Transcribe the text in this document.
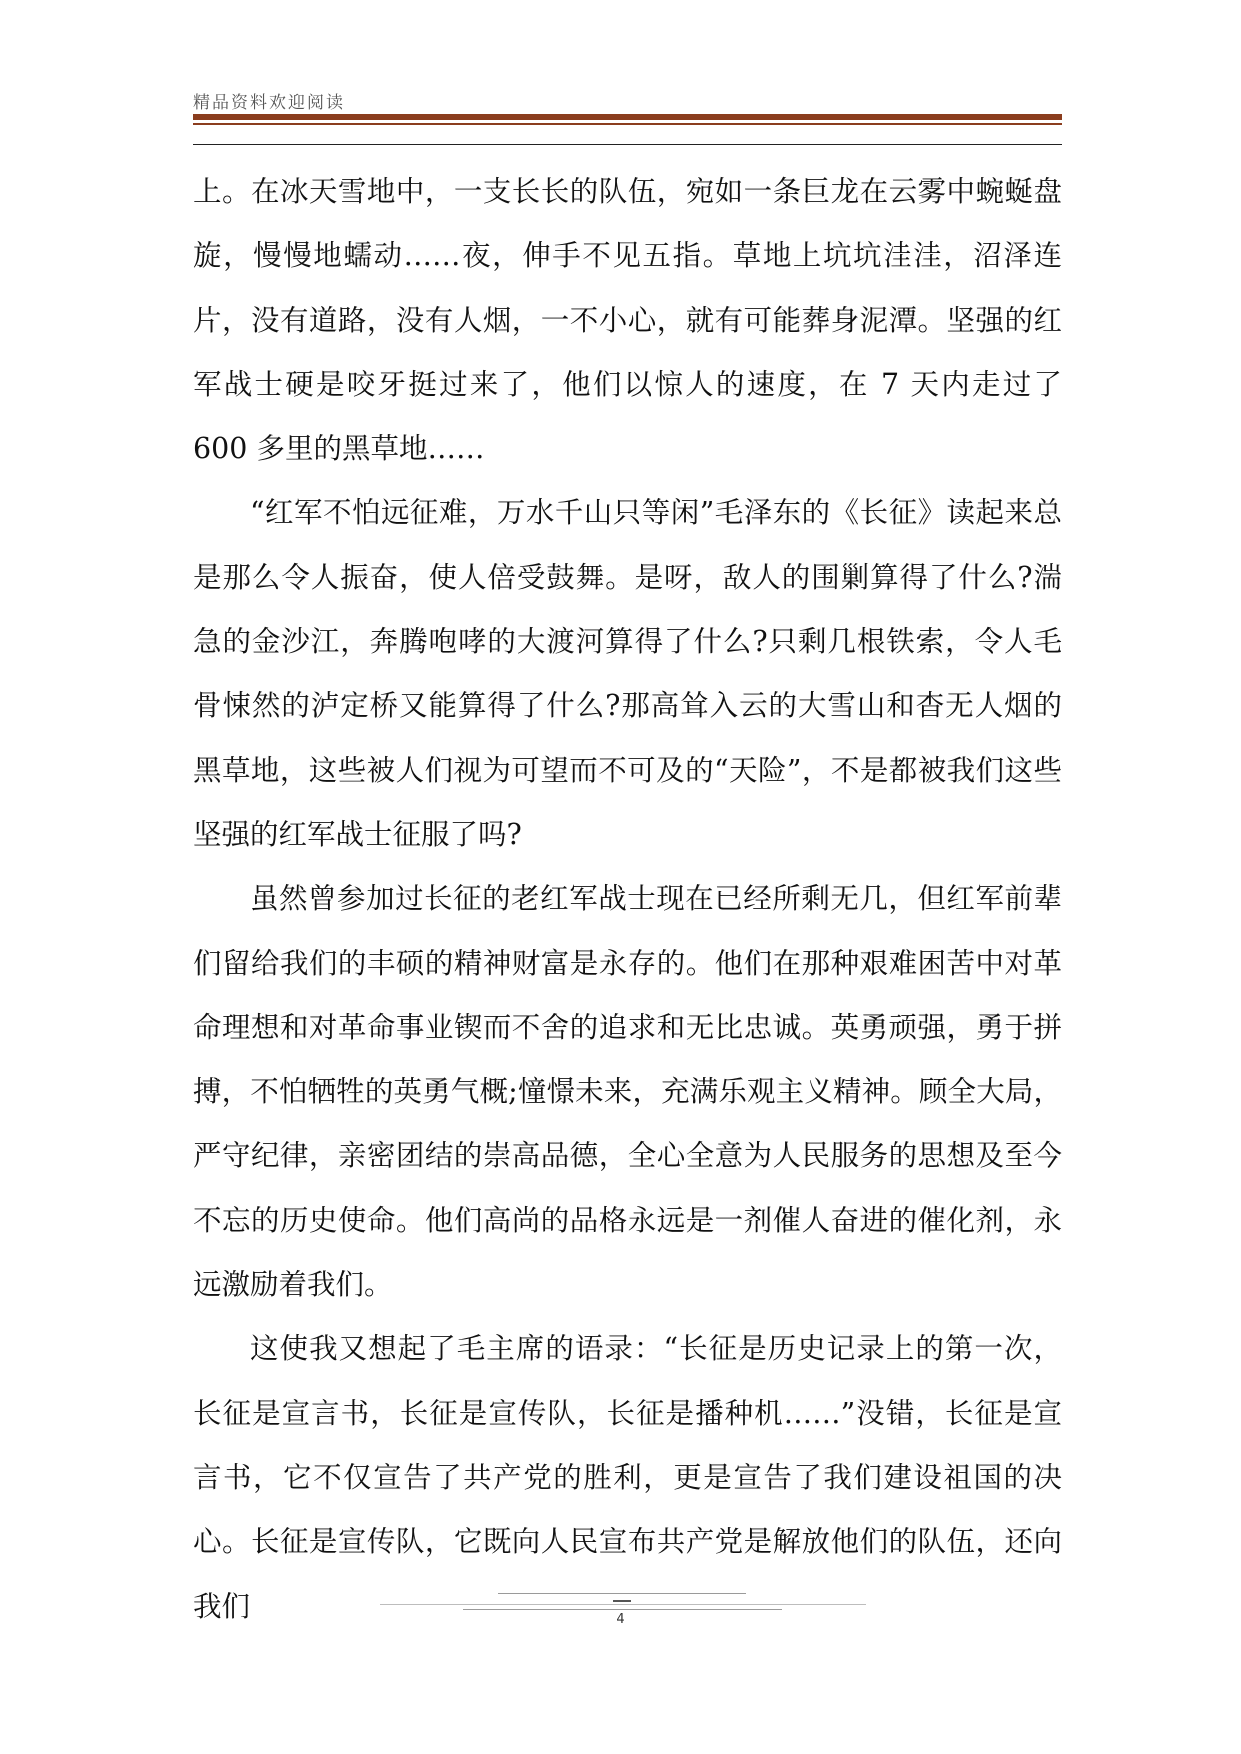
精品资料欢迎阅读

上。在冰天雪地中，一支长长的队伍，宛如一条巨龙在云雾中蜿蜒盘旋，慢慢地蠕动……夜，伸手不见五指。草地上坑坑洼洼，沼泽连片，没有道路，没有人烟，一不小心，就有可能葬身泥潭。坚强的红军战士硬是咬牙挺过来了，他们以惊人的速度，在 7 天内走过了 600 多里的黑草地……

“红军不怕远征难，万水千山只等闲”毛泽东的《长征》读起来总是那么令人振奋，使人倍受鼓舞。是呀，敌人的围剿算得了什么?湍急的金沙江，奔腾咆哮的大渡河算得了什么?只剩几根铁索，令人毛骨悚然的泸定桥又能算得了什么?那高耸入云的大雪山和杳无人烟的黑草地，这些被人们视为可望而不可及的“天险”，不是都被我们这些坚强的红军战士征服了吗?

虽然曾参加过长征的老红军战士现在已经所剩无几，但红军前辈们留给我们的丰硕的精神财富是永存的。他们在那种艰难困苦中对革命理想和对革命事业锲而不舍的追求和无比忠诚。英勇顽强，勇于拼搏，不怕牺牲的英勇气概;憧憬未来，充满乐观主义精神。顾全大局，严守纪律，亲密团结的崇高品德，全心全意为人民服务的思想及至今不忘的历史使命。他们高尚的品格永远是一剂催人奋进的催化剂，永远激励着我们。

这使我又想起了毛主席的语录：“长征是历史记录上的第一次，长征是宣言书，长征是宣传队，长征是播种机……”没错，长征是宣言书，它不仅宣告了共产党的胜利，更是宣告了我们建设祖国的决心。长征是宣传队，它既向人民宣布共产党是解放他们的队伍，还向我们	4
